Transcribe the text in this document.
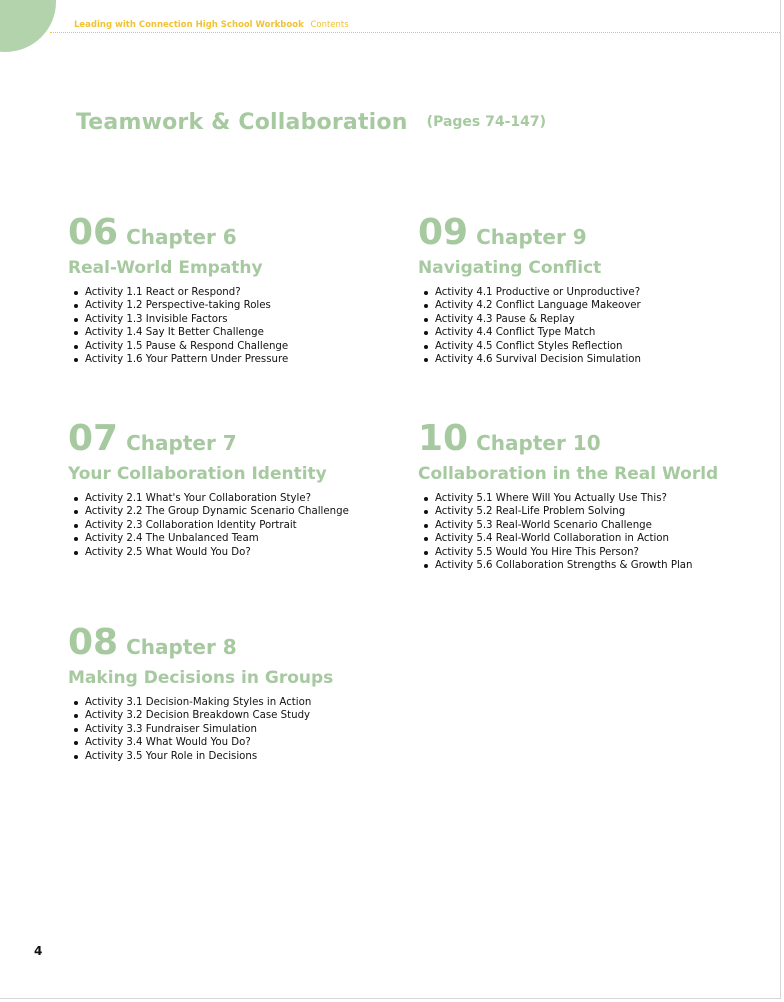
Leading with Connection High School Workbook Contents
Teamwork & Collaboration (Pages 74-147)
06 Chapter 6
Real-World Empathy
Activity 1.1 React or Respond?
Activity 1.2 Perspective-taking Roles
Activity 1.3 Invisible Factors
Activity 1.4 Say It Better Challenge
Activity 1.5 Pause & Respond Challenge
Activity 1.6 Your Pattern Under Pressure
09 Chapter 9
Navigating Conflict
Activity 4.1 Productive or Unproductive?
Activity 4.2 Conflict Language Makeover
Activity 4.3 Pause & Replay
Activity 4.4 Conflict Type Match
Activity 4.5 Conflict Styles Reflection
Activity 4.6 Survival Decision Simulation
07 Chapter 7
Your Collaboration Identity
Activity 2.1 What's Your Collaboration Style?
Activity 2.2 The Group Dynamic Scenario Challenge
Activity 2.3 Collaboration Identity Portrait
Activity 2.4 The Unbalanced Team
Activity 2.5 What Would You Do?
10 Chapter 10
Collaboration in the Real World
Activity 5.1 Where Will You Actually Use This?
Activity 5.2 Real-Life Problem Solving
Activity 5.3 Real-World Scenario Challenge
Activity 5.4 Real-World Collaboration in Action
Activity 5.5 Would You Hire This Person?
Activity 5.6 Collaboration Strengths & Growth Plan
08 Chapter 8
Making Decisions in Groups
Activity 3.1 Decision-Making Styles in Action
Activity 3.2 Decision Breakdown Case Study
Activity 3.3 Fundraiser Simulation
Activity 3.4 What Would You Do?
Activity 3.5 Your Role in Decisions
4
